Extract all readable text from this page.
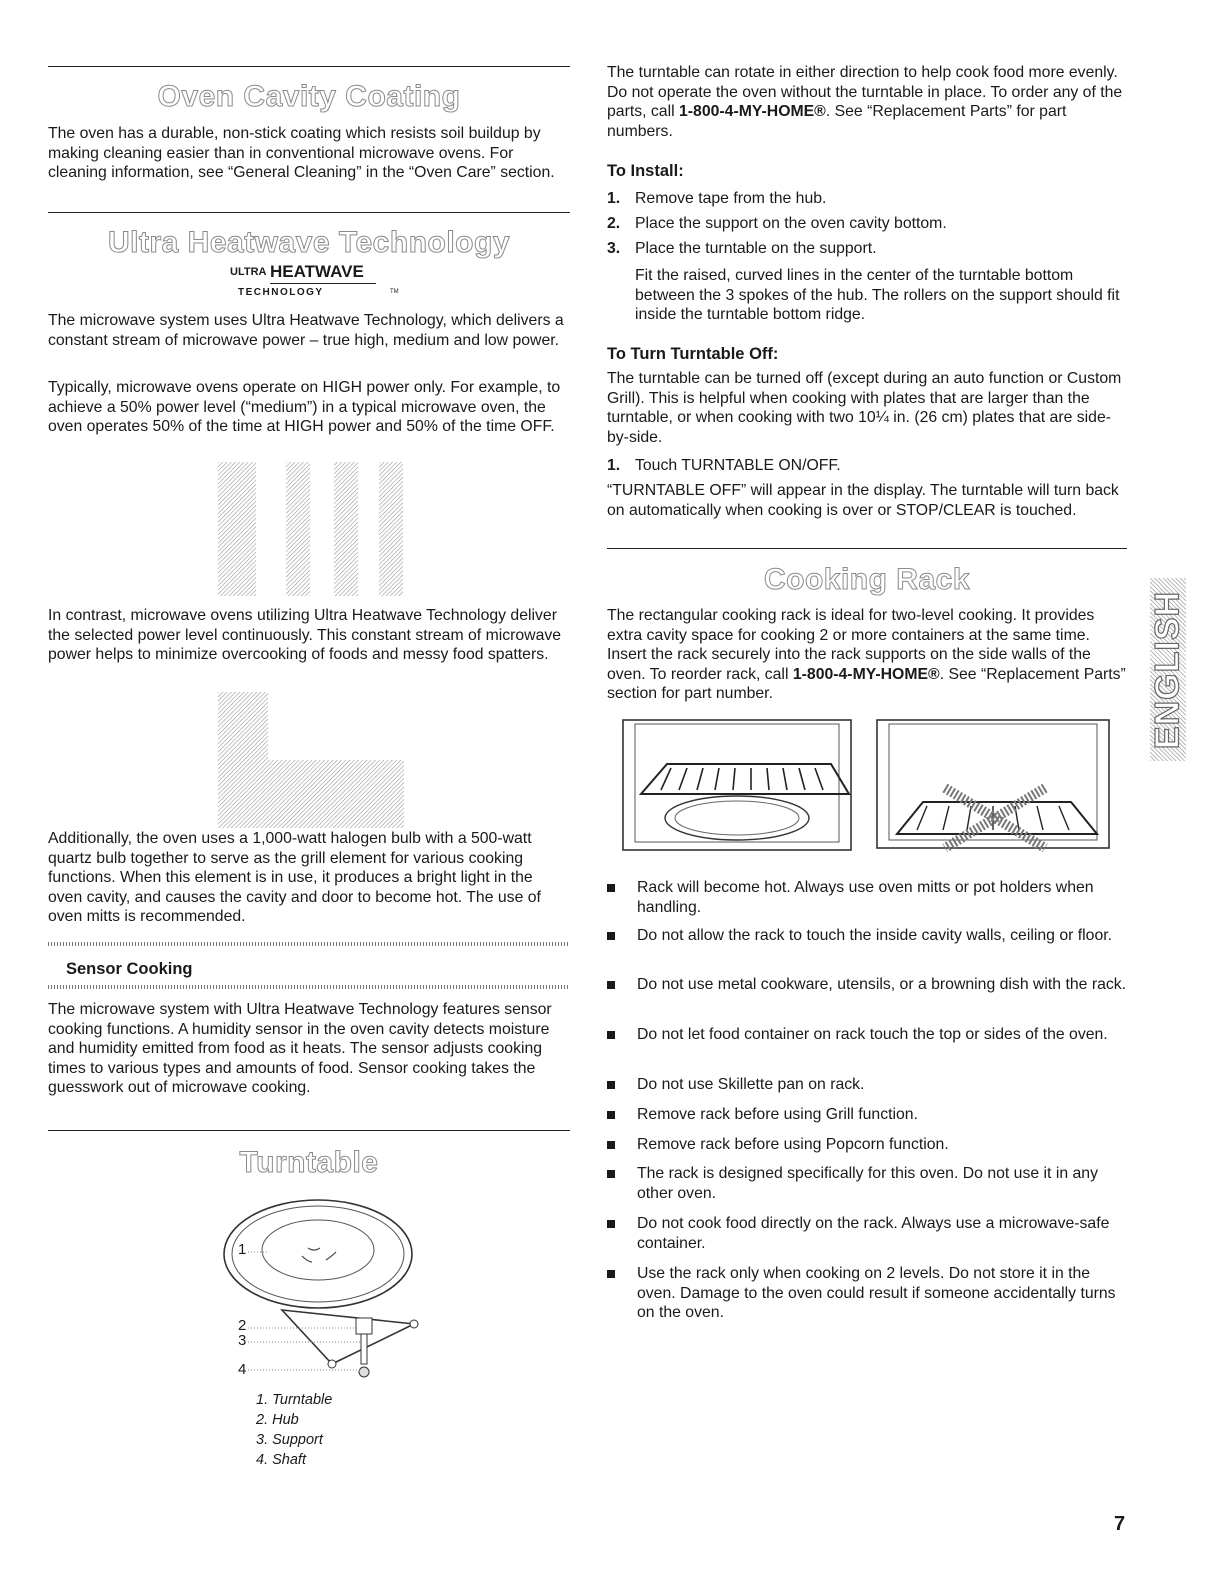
Oven Cavity Coating

The oven has a durable, non-stick coating which resists soil buildup by making cleaning easier than in conventional microwave ovens. For cleaning information, see “General Cleaning” in the “Oven Care” section.

Ultra Heatwave Technology
ULTRA HEATWAVE
TECHNOLOGY	TM

The microwave system uses Ultra Heatwave Technology, which delivers a constant stream of microwave power – true high, medium and low power.

Typically, microwave ovens operate on HIGH power only. For example, to achieve a 50% power level (“medium”) in a typical microwave oven, the oven operates 50% of the time at HIGH power and 50% of the time OFF.

In contrast, microwave ovens utilizing Ultra Heatwave Technology deliver the selected power level continuously. This constant stream of microwave power helps to minimize overcooking of foods and messy food spatters.

Additionally, the oven uses a 1,000-watt halogen bulb with a 500-watt quartz bulb together to serve as the grill element for various cooking functions. When this element is in use, it produces a bright light in the oven cavity, and causes the cavity and door to become hot. The use of oven mitts is recommended.

Sensor Cooking

The microwave system with Ultra Heatwave Technology features sensor cooking functions. A humidity sensor in the oven cavity detects moisture and humidity emitted from food as it heats. The sensor adjusts cooking times to various types and amounts of food. Sensor cooking takes the guesswork out of microwave cooking.

Turntable
1
2
3
4
1. Turntable
2. Hub
3. Support
4. Shaft

The turntable can rotate in either direction to help cook food more evenly. Do not operate the oven without the turntable in place. To order any of the parts, call 1-800-4-MY-HOME®. See “Replacement Parts” for part numbers.

To Install:

1. Remove tape from the hub.

2. Place the support on the oven cavity bottom.

3. Place the turntable on the support.

Fit the raised, curved lines in the center of the turntable bottom between the 3 spokes of the hub. The rollers on the support should fit inside the turntable bottom ridge.

To Turn Turntable Off:

The turntable can be turned off (except during an auto function or Custom Grill). This is helpful when cooking with plates that are larger than the turntable, or when cooking with two 10¼ in. (26 cm) plates that are side-by-side.

1. Touch TURNTABLE ON/OFF.

“TURNTABLE OFF” will appear in the display. The turntable will turn back on automatically when cooking is over or STOP/CLEAR is touched.

Cooking Rack

The rectangular cooking rack is ideal for two-level cooking. It provides extra cavity space for cooking 2 or more containers at the same time. Insert the rack securely into the rack supports on the side walls of the oven. To reorder rack, call 1-800-4-MY-HOME®. See “Replacement Parts” section for part number.

Rack will become hot. Always use oven mitts or pot holders when handling.

Do not allow the rack to touch the inside cavity walls, ceiling or floor.

Do not use metal cookware, utensils, or a browning dish with the rack.

Do not let food container on rack touch the top or sides of the oven.

Do not use Skillette pan on rack.

Remove rack before using Grill function.

Remove rack before using Popcorn function.

The rack is designed specifically for this oven. Do not use it in any other oven.

Do not cook food directly on the rack. Always use a microwave-safe container.

Use the rack only when cooking on 2 levels. Do not store it in the oven. Damage to the oven could result if someone accidentally turns on the oven.

ENGLISH
7
